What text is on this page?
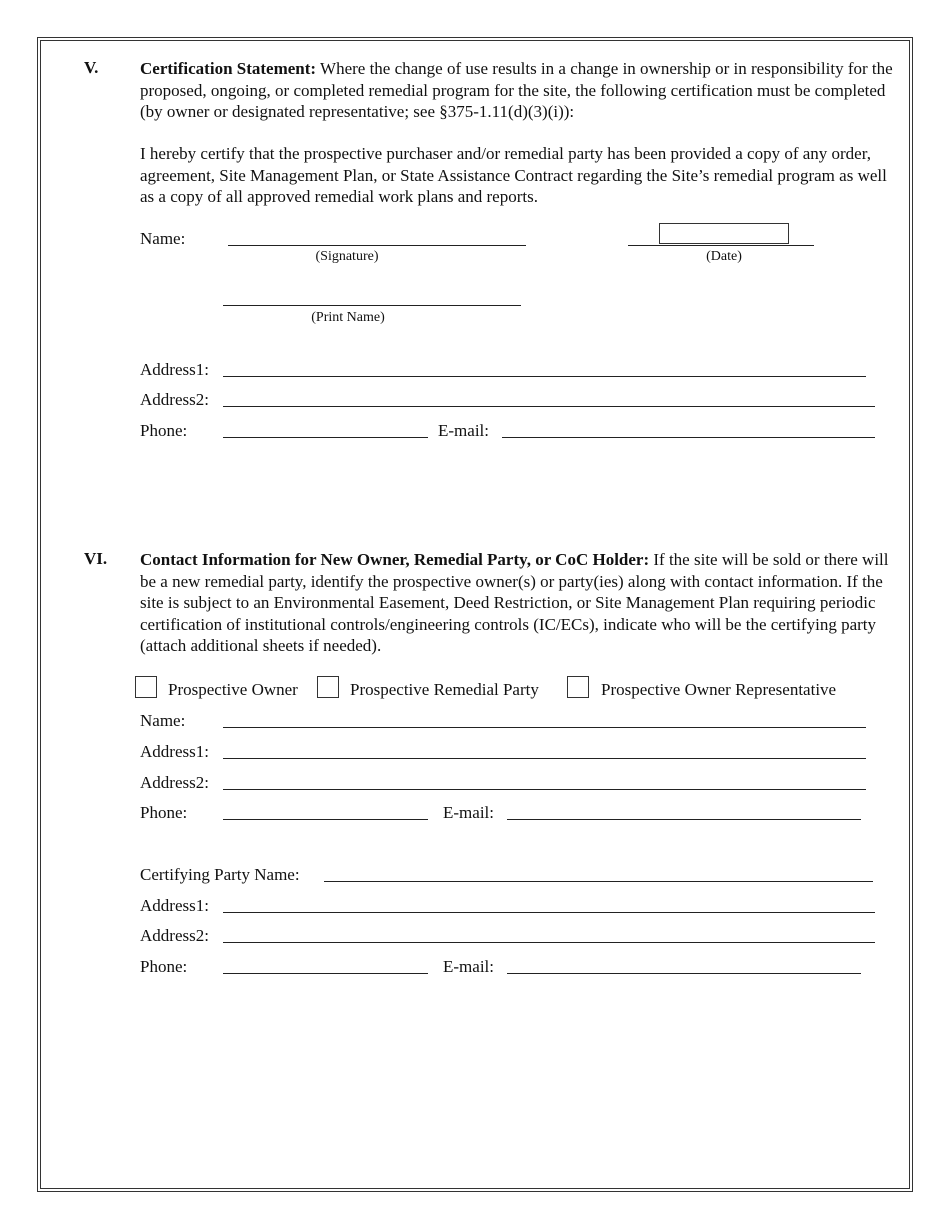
V. Certification Statement: Where the change of use results in a change in ownership or in responsibility for the proposed, ongoing, or completed remedial program for the site, the following certification must be completed (by owner or designated representative; see §375-1.11(d)(3)(i)):
I hereby certify that the prospective purchaser and/or remedial party has been provided a copy of any order, agreement, Site Management Plan, or State Assistance Contract regarding the Site’s remedial program as well as a copy of all approved remedial work plans and reports.
Name:
(Signature)	(Date)
(Print Name)
Address1:
Address2:
Phone:	E-mail:
VI. Contact Information for New Owner, Remedial Party, or CoC Holder: If the site will be sold or there will be a new remedial party, identify the prospective owner(s) or party(ies) along with contact information. If the site is subject to an Environmental Easement, Deed Restriction, or Site Management Plan requiring periodic certification of institutional controls/engineering controls (IC/ECs), indicate who will be the certifying party (attach additional sheets if needed).
Prospective Owner	Prospective Remedial Party	Prospective Owner Representative
Name:
Address1:
Address2:
Phone:	E-mail:
Certifying Party Name:
Address1:
Address2:
Phone:	E-mail:
